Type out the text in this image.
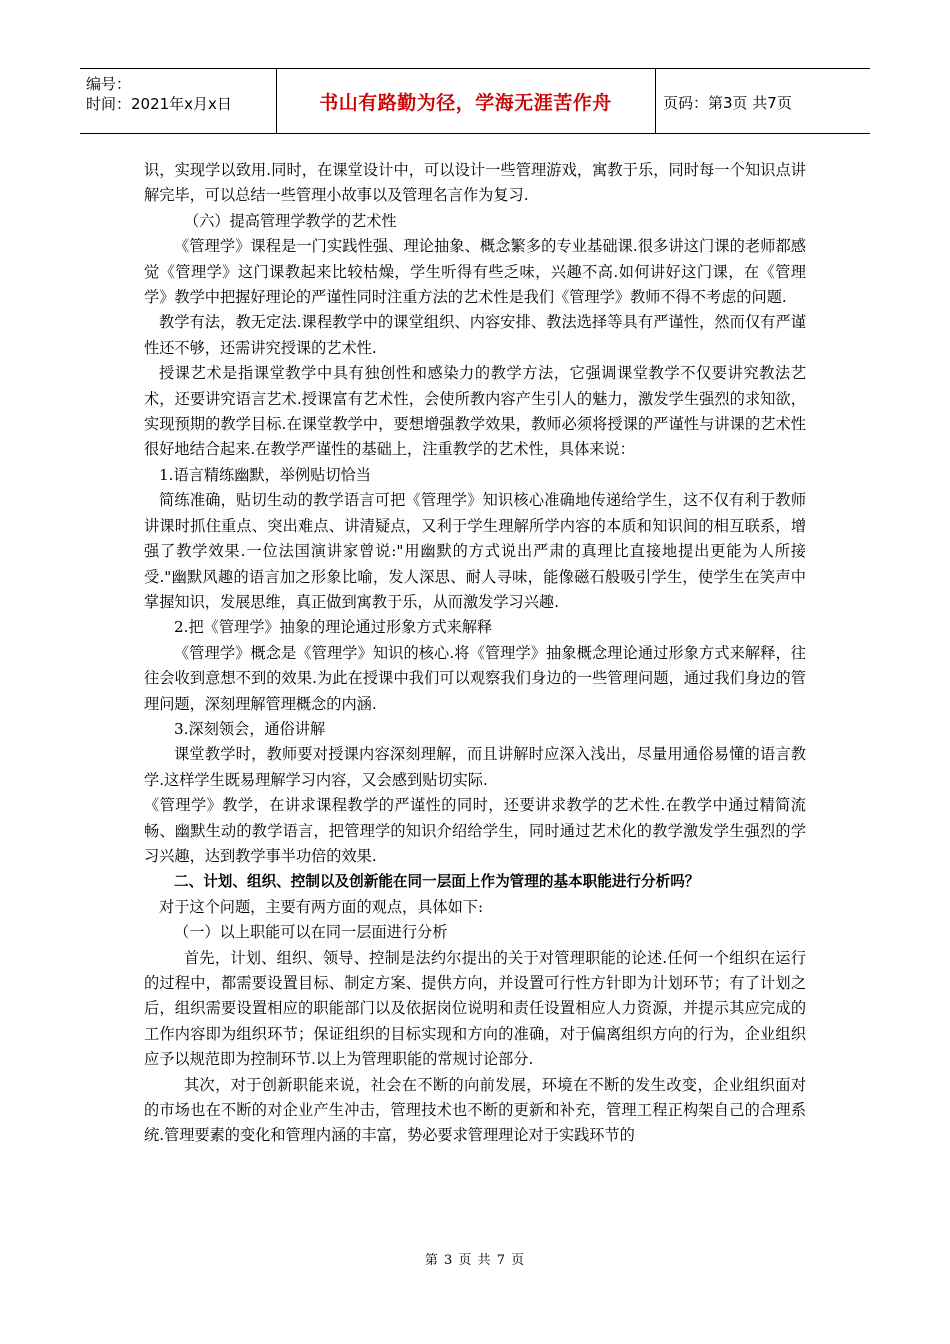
编号：
时间：2021年x月x日	书山有路勤为径，学海无涯苦作舟	页码：第3页 共7页

识，实现学以致用.同时，在课堂设计中，可以设计一些管理游戏，寓教于乐，同时每一个知识点讲解完毕，可以总结一些管理小故事以及管理名言作为复习.

（六）提高管理学教学的艺术性

《管理学》课程是一门实践性强、理论抽象、概念繁多的专业基础课.很多讲这门课的老师都感觉《管理学》这门课教起来比较枯燥，学生听得有些乏味，兴趣不高.如何讲好这门课，在《管理学》教学中把握好理论的严谨性同时注重方法的艺术性是我们《管理学》教师不得不考虑的问题.

教学有法，教无定法.课程教学中的课堂组织、内容安排、教法选择等具有严谨性，然而仅有严谨性还不够，还需讲究授课的艺术性.

授课艺术是指课堂教学中具有独创性和感染力的教学方法，它强调课堂教学不仅要讲究教法艺术，还要讲究语言艺术.授课富有艺术性，会使所教内容产生引人的魅力，激发学生强烈的求知欲，实现预期的教学目标.在课堂教学中，要想增强教学效果，教师必须将授课的严谨性与讲课的艺术性很好地结合起来.在教学严谨性的基础上，注重教学的艺术性，具体来说：

1.语言精练幽默，举例贴切恰当

简练准确，贴切生动的教学语言可把《管理学》知识核心准确地传递给学生，这不仅有利于教师讲课时抓住重点、突出难点、讲清疑点，又利于学生理解所学内容的本质和知识间的相互联系，增强了教学效果.一位法国演讲家曾说:"用幽默的方式说出严肃的真理比直接地提出更能为人所接受."幽默风趣的语言加之形象比喻，发人深思、耐人寻味，能像磁石般吸引学生，使学生在笑声中掌握知识，发展思维，真正做到寓教于乐，从而激发学习兴趣.

2.把《管理学》抽象的理论通过形象方式来解释

《管理学》概念是《管理学》知识的核心.将《管理学》抽象概念理论通过形象方式来解释，往往会收到意想不到的效果.为此在授课中我们可以观察我们身边的一些管理问题，通过我们身边的管理问题，深刻理解管理概念的内涵.

3.深刻领会，通俗讲解

课堂教学时，教师要对授课内容深刻理解，而且讲解时应深入浅出，尽量用通俗易懂的语言教学.这样学生既易理解学习内容，又会感到贴切实际.

《管理学》教学，在讲求课程教学的严谨性的同时，还要讲求教学的艺术性.在教学中通过精简流畅、幽默生动的教学语言，把管理学的知识介绍给学生，同时通过艺术化的教学激发学生强烈的学习兴趣，达到教学事半功倍的效果.

二、计划、组织、控制以及创新能在同一层面上作为管理的基本职能进行分析吗？

对于这个问题，主要有两方面的观点，具体如下:

（一）以上职能可以在同一层面进行分析

首先，计划、组织、领导、控制是法约尔提出的关于对管理职能的论述.任何一个组织在运行的过程中，都需要设置目标、制定方案、提供方向，并设置可行性方针即为计划环节；有了计划之后，组织需要设置相应的职能部门以及依据岗位说明和责任设置相应人力资源，并提示其应完成的工作内容即为组织环节；保证组织的目标实现和方向的准确，对于偏离组织方向的行为，企业组织应予以规范即为控制环节.以上为管理职能的常规讨论部分.

其次，对于创新职能来说，社会在不断的向前发展，环境在不断的发生改变，企业组织面对的市场也在不断的对企业产生冲击，管理技术也不断的更新和补充，管理工程正构架自己的合理系统.管理要素的变化和管理内涵的丰富，势必要求管理理论对于实践环节的

第 3 页 共 7 页
